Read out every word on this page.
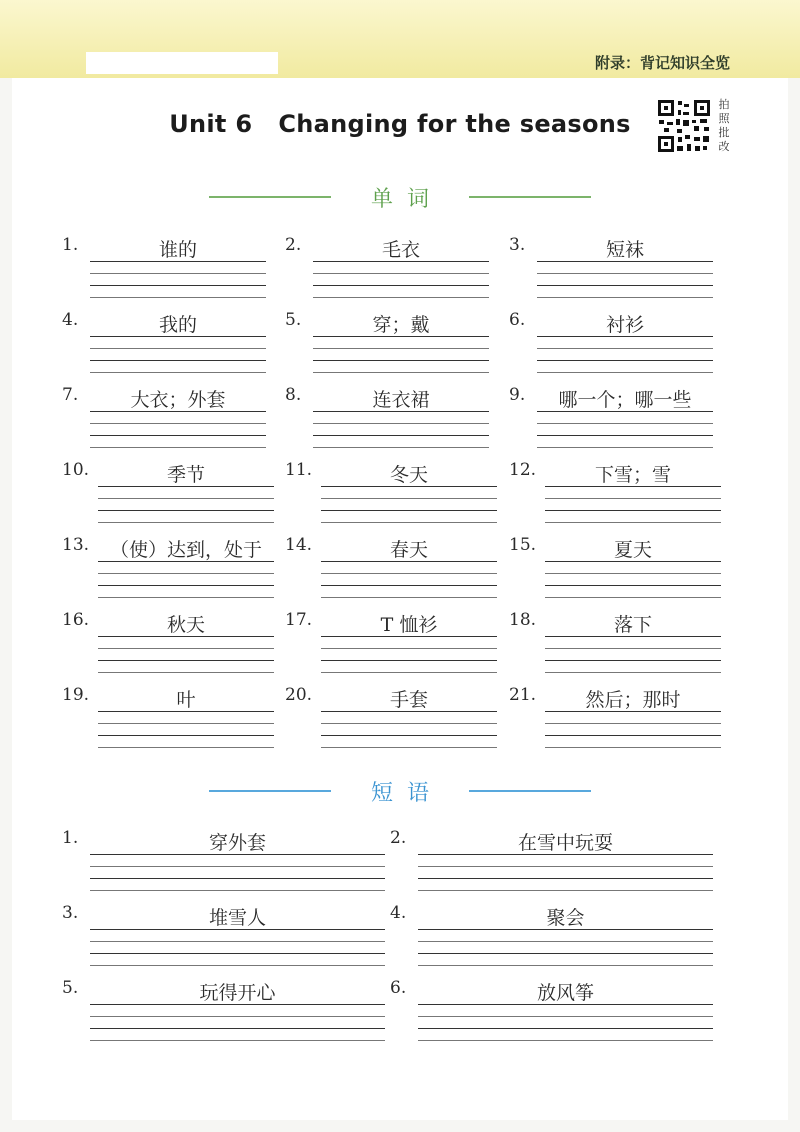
附录：背记知识全览
Unit 6 Changing for the seasons
拍
照
批
改
单词
1.	谁的	2.	毛衣	3.	短袜
4.	我的	5.	穿；戴	6.	衬衫
7.	大衣；外套	8.	连衣裙	9.	哪一个；哪一些
10.	季节	11.	冬天	12.	下雪；雪
13.	（使）达到，处于	14.	春天	15.	夏天
16.	秋天	17.	T 恤衫	18.	落下
19.	叶	20.	手套	21.	然后；那时
短语
1.	穿外套	2.	在雪中玩耍
3.	堆雪人	4.	聚会
5.	玩得开心	6.	放风筝
